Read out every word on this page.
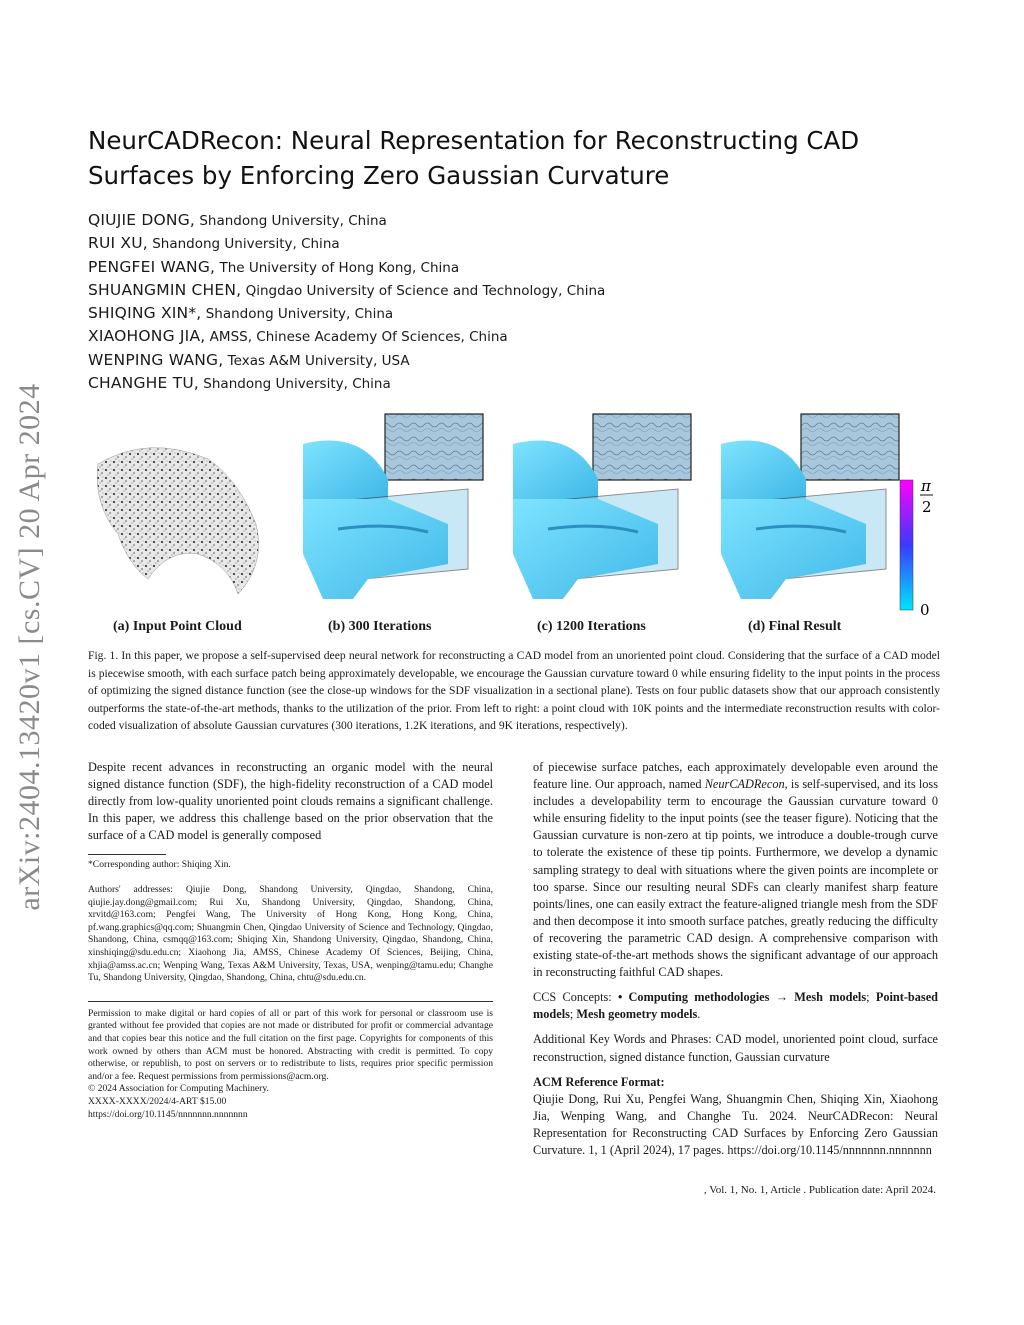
arXiv:2404.13420v1 [cs.CV] 20 Apr 2024
NeurCADRecon: Neural Representation for Reconstructing CAD Surfaces by Enforcing Zero Gaussian Curvature
QIUJIE DONG, Shandong University, China
RUI XU, Shandong University, China
PENGFEI WANG, The University of Hong Kong, China
SHUANGMIN CHEN, Qingdao University of Science and Technology, China
SHIQING XIN*, Shandong University, China
XIAOHONG JIA, AMSS, Chinese Academy Of Sciences, China
WENPING WANG, Texas A&M University, USA
CHANGHE TU, Shandong University, China
π
2
0
(a) Input Point Cloud	(b) 300 Iterations	(c) 1200 Iterations	(d) Final Result
Fig. 1. In this paper, we propose a self-supervised deep neural network for reconstructing a CAD model from an unoriented point cloud. Considering that the surface of a CAD model is piecewise smooth, with each surface patch being approximately developable, we encourage the Gaussian curvature toward 0 while ensuring fidelity to the input points in the process of optimizing the signed distance function (see the close-up windows for the SDF visualization in a sectional plane). Tests on four public datasets show that our approach consistently outperforms the state-of-the-art methods, thanks to the utilization of the prior. From left to right: a point cloud with 10K points and the intermediate reconstruction results with color-coded visualization of absolute Gaussian curvatures (300 iterations, 1.2K iterations, and 9K iterations, respectively).

Despite recent advances in reconstructing an organic model with the neural signed distance function (SDF), the high-fidelity reconstruction of a CAD model directly from low-quality unoriented point clouds remains a significant challenge. In this paper, we address this challenge based on the prior observation that the surface of a CAD model is generally composed

*Corresponding author: Shiqing Xin.
Authors' addresses: Qiujie Dong, Shandong University, Qingdao, Shandong, China, qiujie.jay.dong@gmail.com; Rui Xu, Shandong University, Qingdao, Shandong, China, xrvitd@163.com; Pengfei Wang, The University of Hong Kong, Hong Kong, China, pf.wang.graphics@qq.com; Shuangmin Chen, Qingdao University of Science and Technology, Qingdao, Shandong, China, csmqq@163.com; Shiqing Xin, Shandong University, Qingdao, Shandong, China, xinshiqing@sdu.edu.cn; Xiaohong Jia, AMSS, Chinese Academy Of Sciences, Beijing, China, xhjia@amss.ac.cn; Wenping Wang, Texas A&M University, Texas, USA, wenping@tamu.edu; Changhe Tu, Shandong University, Qingdao, Shandong, China, chtu@sdu.edu.cn.
Permission to make digital or hard copies of all or part of this work for personal or classroom use is granted without fee provided that copies are not made or distributed for profit or commercial advantage and that copies bear this notice and the full citation on the first page. Copyrights for components of this work owned by others than ACM must be honored. Abstracting with credit is permitted. To copy otherwise, or republish, to post on servers or to redistribute to lists, requires prior specific permission and/or a fee. Request permissions from permissions@acm.org.
© 2024 Association for Computing Machinery.
XXXX-XXXX/2024/4-ART $15.00
https://doi.org/10.1145/nnnnnnn.nnnnnnn

of piecewise surface patches, each approximately developable even around the feature line. Our approach, named NeurCADRecon, is self-supervised, and its loss includes a developability term to encourage the Gaussian curvature toward 0 while ensuring fidelity to the input points (see the teaser figure). Noticing that the Gaussian curvature is non-zero at tip points, we introduce a double-trough curve to tolerate the existence of these tip points. Furthermore, we develop a dynamic sampling strategy to deal with situations where the given points are incomplete or too sparse. Since our resulting neural SDFs can clearly manifest sharp feature points/lines, one can easily extract the feature-aligned triangle mesh from the SDF and then decompose it into smooth surface patches, greatly reducing the difficulty of recovering the parametric CAD design. A comprehensive comparison with existing state-of-the-art methods shows the significant advantage of our approach in reconstructing faithful CAD shapes.

CCS Concepts: • Computing methodologies → Mesh models; Point-based models; Mesh geometry models.

Additional Key Words and Phrases: CAD model, unoriented point cloud, surface reconstruction, signed distance function, Gaussian curvature

ACM Reference Format:
Qiujie Dong, Rui Xu, Pengfei Wang, Shuangmin Chen, Shiqing Xin, Xiaohong Jia, Wenping Wang, and Changhe Tu. 2024. NeurCADRecon: Neural Representation for Reconstructing CAD Surfaces by Enforcing Zero Gaussian Curvature. 1, 1 (April 2024), 17 pages. https://doi.org/10.1145/nnnnnnn.nnnnnnn
, Vol. 1, No. 1, Article . Publication date: April 2024.
